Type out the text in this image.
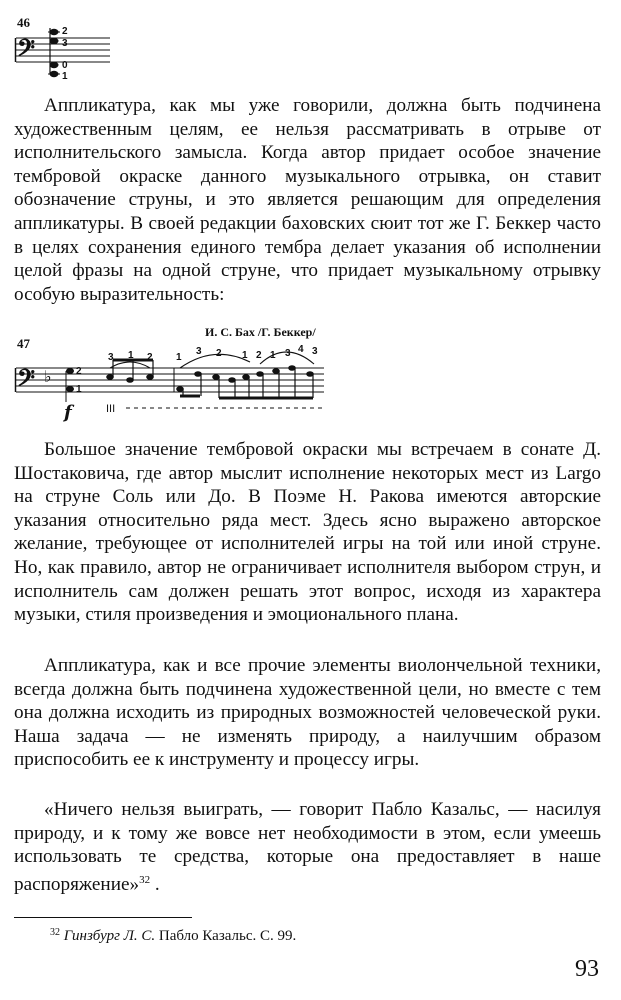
46
𝄢
2
3
0
1

Аппликатура, как мы уже говорили, должна быть подчинена художественным целям, ее нельзя рассматривать в отрыве от исполнительского замысла. Когда автор придает особое значение тембровой окраске данного музыкального отрывка, он ставит обозначение струны, и это является решающим для определения аппликатуры. В своей редакции баховских сюит тот же Г. Беккер часто в целях сохранения единого тембра делает указания об исполнении целой фразы на одной струне, что придает музыкальному отрывку особую выразительность:

47
И. С. Бах /Г. Беккер/
𝄢 ♭ 2
1
3 1 2 1
3 2 1 2 1 3 4 3
f	III

Большое значение тембровой окраски мы встречаем в сонате Д. Шостаковича, где автор мыслит исполнение некоторых мест из Largo на струне Соль или До. В Поэме Н. Ракова имеются авторские указания относительно ряда мест. Здесь ясно выражено авторское желание, требующее от исполнителей игры на той или иной струне. Но, как правило, автор не ограничивает исполнителя выбором струн, и исполнитель сам должен решать этот вопрос, исходя из характера музыки, стиля произведения и эмоционального плана.

Аппликатура, как и все прочие элементы виолончельной техники, всегда должна быть подчинена художественной цели, но вместе с тем она должна исходить из природных возможностей человеческой руки. Наша задача — не изменять природу, а наилучшим образом приспособить ее к инструменту и процессу игры.

«Ничего нельзя выиграть, — говорит Пабло Казальс, — насилуя природу, и к тому же вовсе нет необходимости в этом, если умеешь использовать те средства, которые она предоставляет в наше распоряжение»$^{32}$ .

$^{32}$ Гинзбург Л. С. Пабло Казальс. С. 99.
93
